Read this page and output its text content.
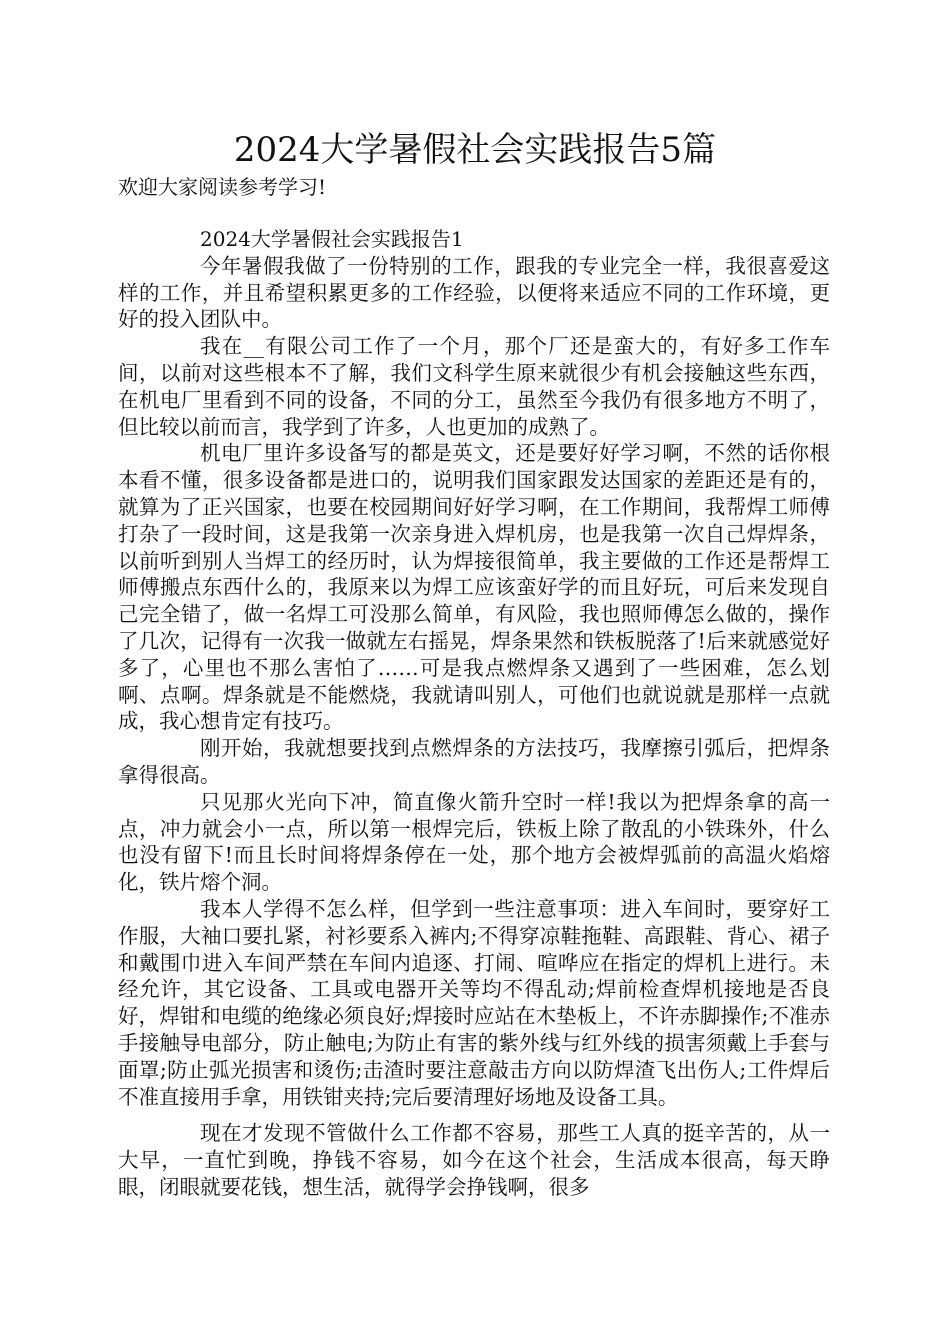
2024大学暑假社会实践报告5篇

欢迎大家阅读参考学习!

2024大学暑假社会实践报告1

今年暑假我做了一份特别的工作，跟我的专业完全一样，我很喜爱这样的工作，并且希望积累更多的工作经验，以便将来适应不同的工作环境，更好的投入团队中。

我在__有限公司工作了一个月，那个厂还是蛮大的，有好多工作车间，以前对这些根本不了解，我们文科学生原来就很少有机会接触这些东西，在机电厂里看到不同的设备，不同的分工，虽然至今我仍有很多地方不明了，但比较以前而言，我学到了许多，人也更加的成熟了。

机电厂里许多设备写的都是英文，还是要好好学习啊，不然的话你根本看不懂，很多设备都是进口的，说明我们国家跟发达国家的差距还是有的，就算为了正兴国家，也要在校园期间好好学习啊，在工作期间，我帮焊工师傅打杂了一段时间，这是我第一次亲身进入焊机房，也是我第一次自己焊焊条，以前听到别人当焊工的经历时，认为焊接很简单，我主要做的工作还是帮焊工师傅搬点东西什么的，我原来以为焊工应该蛮好学的而且好玩，可后来发现自己完全错了，做一名焊工可没那么简单，有风险，我也照师傅怎么做的，操作了几次，记得有一次我一做就左右摇晃，焊条果然和铁板脱落了!后来就感觉好多了，心里也不那么害怕了……可是我点燃焊条又遇到了一些困难，怎么划啊、点啊。焊条就是不能燃烧，我就请叫别人，可他们也就说就是那样一点就成，我心想肯定有技巧。

刚开始，我就想要找到点燃焊条的方法技巧，我摩擦引弧后，把焊条拿得很高。

只见那火光向下冲，简直像火箭升空时一样!我以为把焊条拿的高一点，冲力就会小一点，所以第一根焊完后，铁板上除了散乱的小铁珠外，什么也没有留下!而且长时间将焊条停在一处，那个地方会被焊弧前的高温火焰熔化，铁片熔个洞。

我本人学得不怎么样，但学到一些注意事项：进入车间时，要穿好工作服，大袖口要扎紧，衬衫要系入裤内;不得穿凉鞋拖鞋、高跟鞋、背心、裙子和戴围巾进入车间严禁在车间内追逐、打闹、喧哗应在指定的焊机上进行。未经允许，其它设备、工具或电器开关等均不得乱动;焊前检查焊机接地是否良好，焊钳和电缆的绝缘必须良好;焊接时应站在木垫板上，不许赤脚操作;不准赤手接触导电部分，防止触电;为防止有害的紫外线与红外线的损害须戴上手套与面罩;防止弧光损害和烫伤;击渣时要注意敲击方向以防焊渣飞出伤人;工件焊后不准直接用手拿，用铁钳夹持;完后要清理好场地及设备工具。

现在才发现不管做什么工作都不容易，那些工人真的挺辛苦的，从一大早，一直忙到晚，挣钱不容易，如今在这个社会，生活成本很高，每天睁眼，闭眼就要花钱，想生活，就得学会挣钱啊，很多
